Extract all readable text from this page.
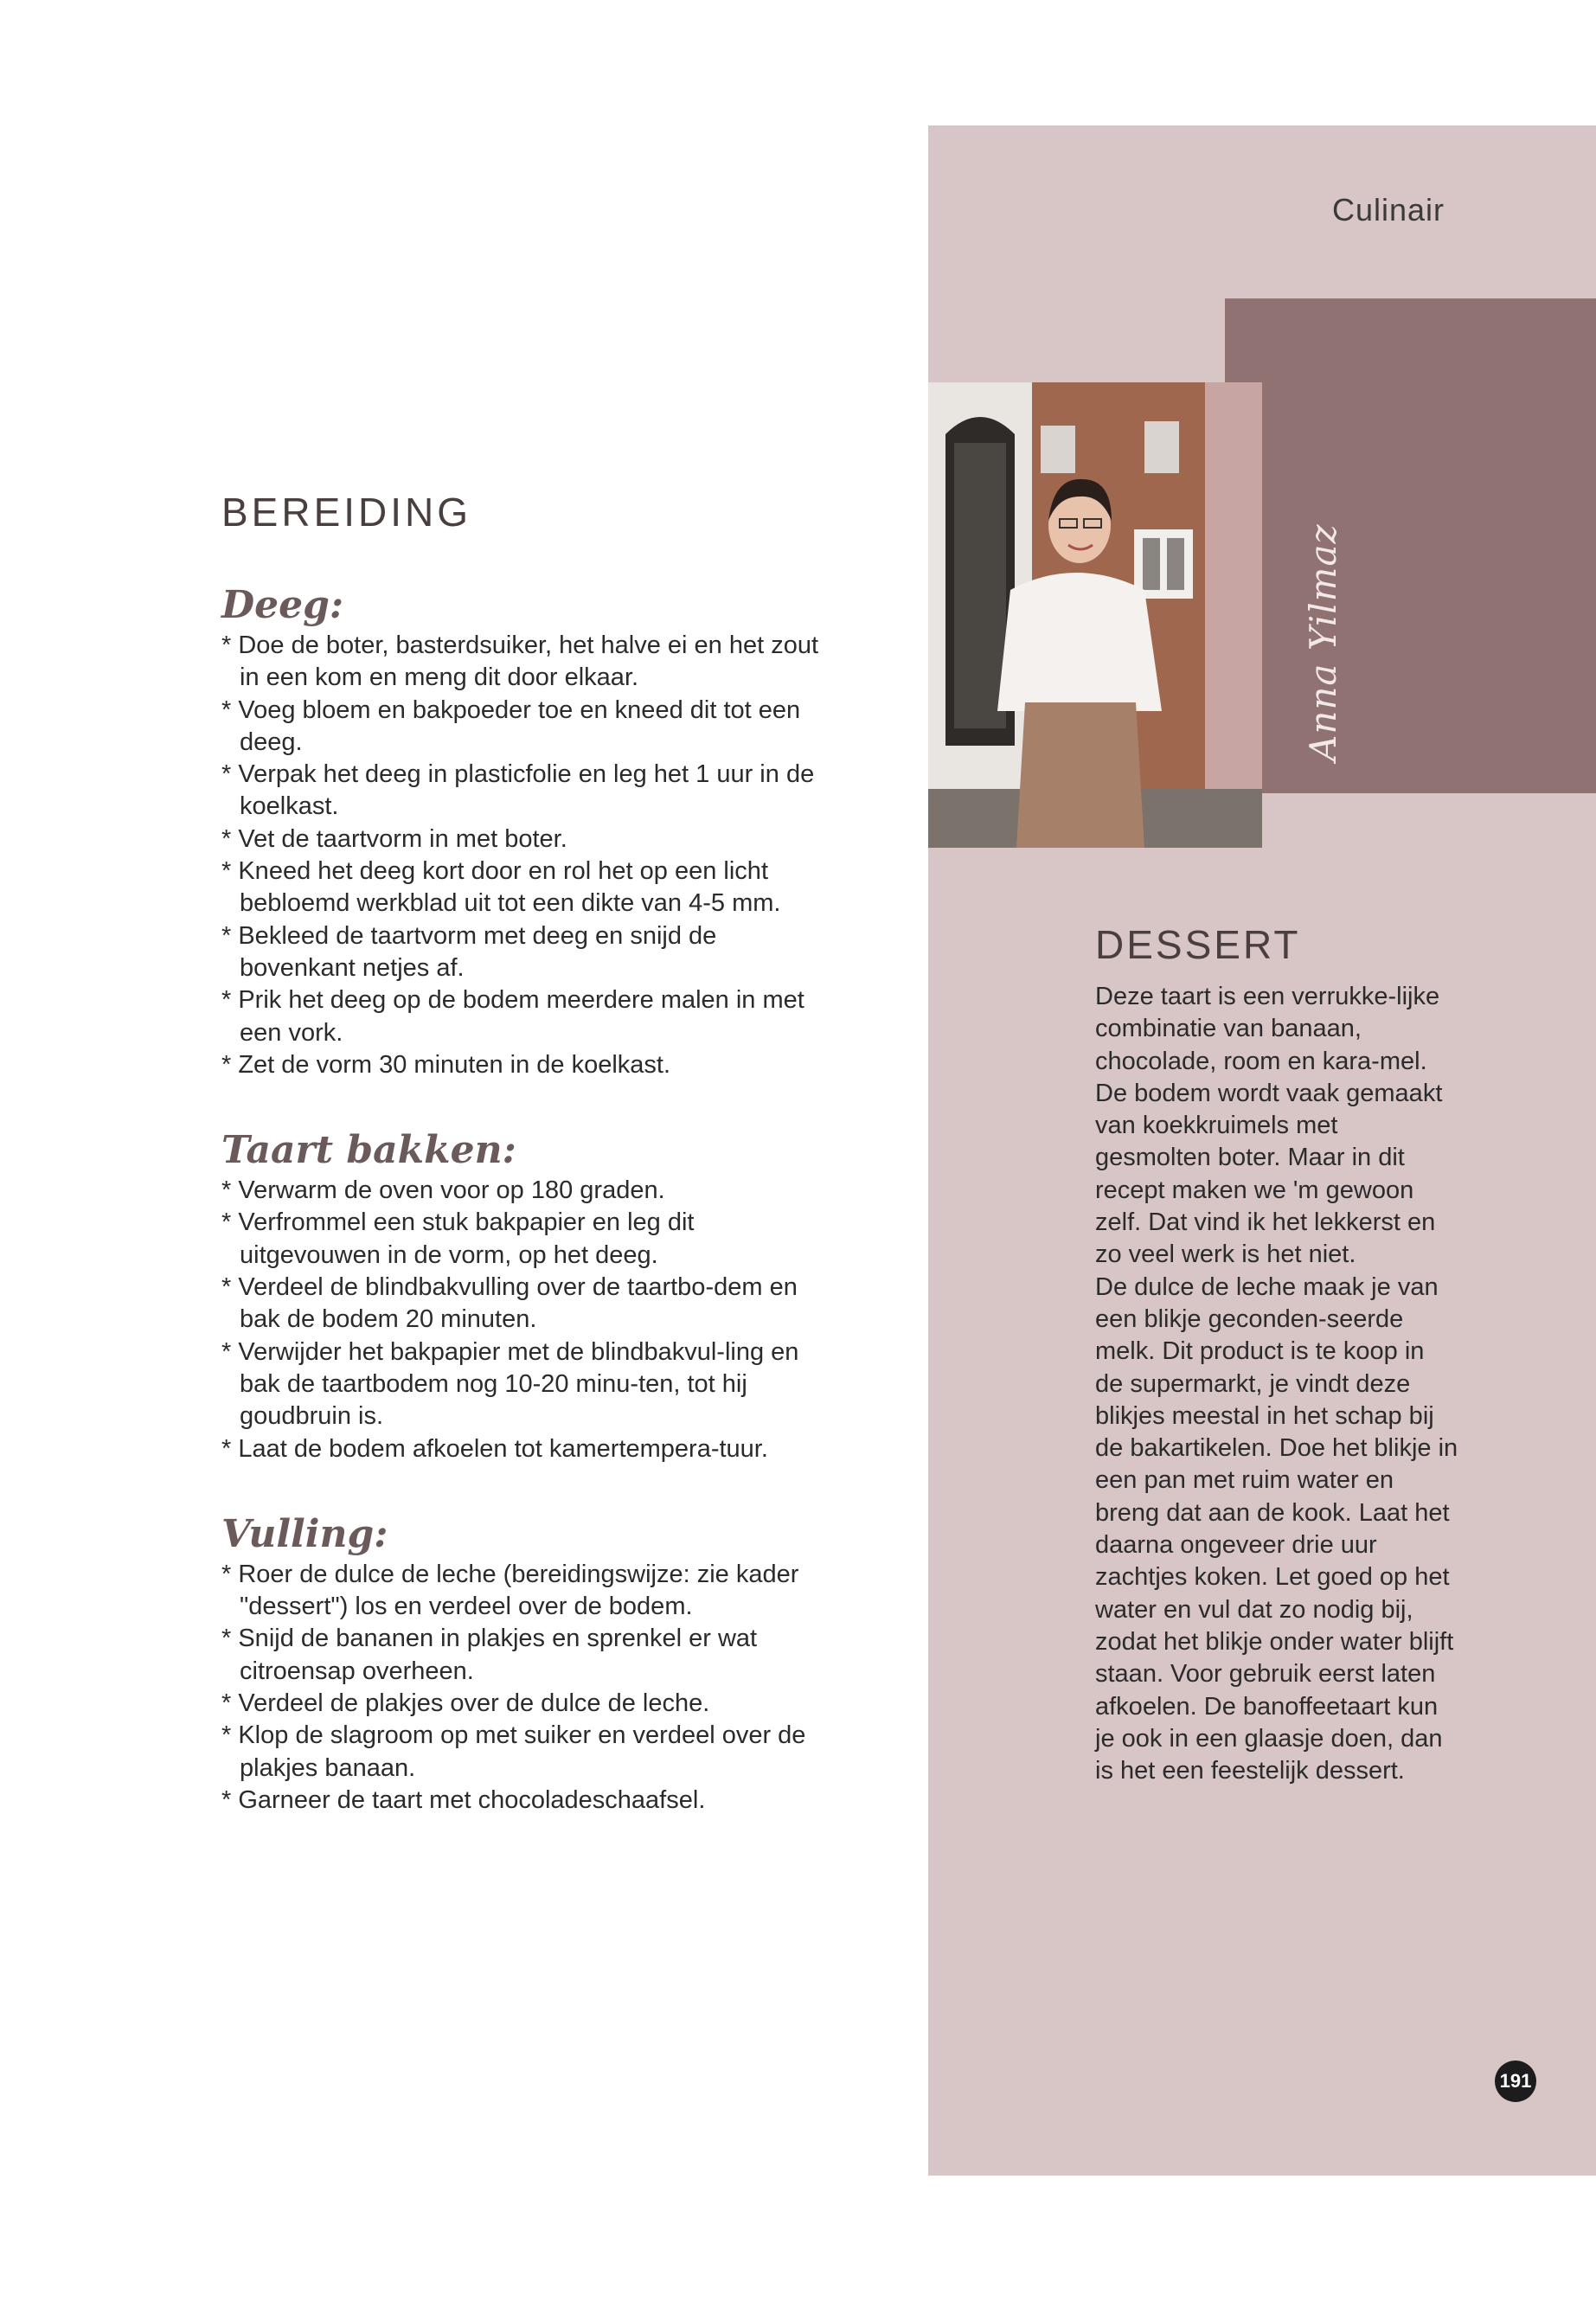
Culinair
Anna Yilmaz
BEREIDING
Deeg:
* Doe de boter, basterdsuiker, het halve ei en het zout in een kom en meng dit door elkaar.
* Voeg bloem en bakpoeder toe en kneed dit tot een deeg.
* Verpak het deeg in plasticfolie en leg het 1 uur in de koelkast.
* Vet de taartvorm in met boter.
* Kneed het deeg kort door en rol het op een licht bebloemd werkblad uit tot een dikte van 4-5 mm.
* Bekleed de taartvorm met deeg en snijd de bovenkant netjes af.
* Prik het deeg op de bodem meerdere malen in met een vork.
* Zet de vorm 30 minuten in de koelkast.
Taart bakken:
* Verwarm de oven voor op 180 graden.
* Verfrommel een stuk bakpapier en leg dit uitgevouwen in de vorm, op het deeg.
* Verdeel de blindbakvulling over de taartbo-dem en bak de bodem 20 minuten.
* Verwijder het bakpapier met de blindbakvul-ling en bak de taartbodem nog 10-20 minu-ten, tot hij goudbruin is.
* Laat de bodem afkoelen tot kamertempera-tuur.
Vulling:
* Roer de dulce de leche (bereidingswijze: zie kader "dessert") los en verdeel over de bodem.
* Snijd de bananen in plakjes en sprenkel er wat citroensap overheen.
* Verdeel de plakjes over de dulce de leche.
* Klop de slagroom op met suiker en verdeel over de plakjes banaan.
* Garneer de taart met chocoladeschaafsel.
DESSERT

Deze taart is een verrukke-lijke combinatie van banaan, chocolade, room en kara-mel. De bodem wordt vaak gemaakt van koekkruimels met gesmolten boter. Maar in dit recept maken we 'm gewoon zelf. Dat vind ik het lekkerst en zo veel werk is het niet.

De dulce de leche maak je van een blikje geconden-seerde melk. Dit product is te koop in de supermarkt, je vindt deze blikjes meestal in het schap bij de bakartikelen. Doe het blikje in een pan met ruim water en breng dat aan de kook. Laat het daarna ongeveer drie uur zachtjes koken. Let goed op het water en vul dat zo nodig bij, zodat het blikje onder water blijft staan. Voor gebruik eerst laten afkoelen. De banoffeetaart kun je ook in een glaasje doen, dan is het een feestelijk dessert.

191
